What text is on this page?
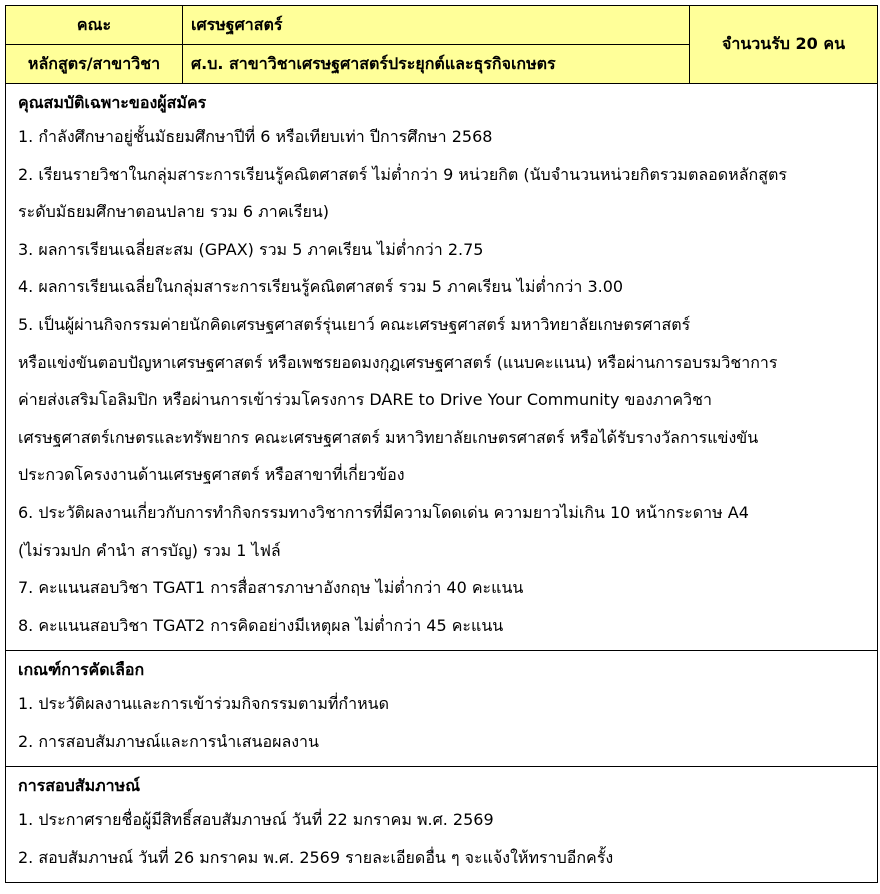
คณะ	เศรษฐศาสตร์	จำนวนรับ 20 คน
หลักสูตร/สาขาวิชา	ศ.บ. สาขาวิชาเศรษฐศาสตร์ประยุกต์และธุรกิจเกษตร	
คุณสมบัติเฉพาะของผู้สมัคร
1. กำลังศึกษาอยู่ชั้นมัธยมศึกษาปีที่ 6 หรือเทียบเท่า ปีการศึกษา 2568
2. เรียนรายวิชาในกลุ่มสาระการเรียนรู้คณิตศาสตร์ ไม่ต่ำกว่า 9 หน่วยกิต (นับจำนวนหน่วยกิตรวมตลอดหลักสูตร
ระดับมัธยมศึกษาตอนปลาย รวม 6 ภาคเรียน)
3. ผลการเรียนเฉลี่ยสะสม (GPAX) รวม 5 ภาคเรียน ไม่ต่ำกว่า 2.75
4. ผลการเรียนเฉลี่ยในกลุ่มสาระการเรียนรู้คณิตศาสตร์ รวม 5 ภาคเรียน ไม่ต่ำกว่า 3.00
5. เป็นผู้ผ่านกิจกรรมค่ายนักคิดเศรษฐศาสตร์รุ่นเยาว์ คณะเศรษฐศาสตร์ มหาวิทยาลัยเกษตรศาสตร์
หรือแข่งขันตอบปัญหาเศรษฐศาสตร์ หรือเพชรยอดมงกุฎเศรษฐศาสตร์ (แนบคะแนน) หรือผ่านการอบรมวิชาการ
ค่ายส่งเสริมโอลิมปิก หรือผ่านการเข้าร่วมโครงการ DARE to Drive Your Community ของภาควิชา
เศรษฐศาสตร์เกษตรและทรัพยากร คณะเศรษฐศาสตร์ มหาวิทยาลัยเกษตรศาสตร์ หรือได้รับรางวัลการแข่งขัน
ประกวดโครงงานด้านเศรษฐศาสตร์ หรือสาขาที่เกี่ยวข้อง
6. ประวัติผลงานเกี่ยวกับการทำกิจกรรมทางวิชาการที่มีความโดดเด่น ความยาวไม่เกิน 10 หน้ากระดาษ A4
(ไม่รวมปก คำนำ สารบัญ) รวม 1 ไฟล์
7. คะแนนสอบวิชา TGAT1 การสื่อสารภาษาอังกฤษ ไม่ต่ำกว่า 40 คะแนน
8. คะแนนสอบวิชา TGAT2 การคิดอย่างมีเหตุผล ไม่ต่ำกว่า 45 คะแนน
เกณฑ์การคัดเลือก
1. ประวัติผลงานและการเข้าร่วมกิจกรรมตามที่กำหนด
2. การสอบสัมภาษณ์และการนำเสนอผลงาน
การสอบสัมภาษณ์
1. ประกาศรายชื่อผู้มีสิทธิ์สอบสัมภาษณ์ วันที่ 22 มกราคม พ.ศ. 2569
2. สอบสัมภาษณ์ วันที่ 26 มกราคม พ.ศ. 2569 รายละเอียดอื่น ๆ จะแจ้งให้ทราบอีกครั้ง
